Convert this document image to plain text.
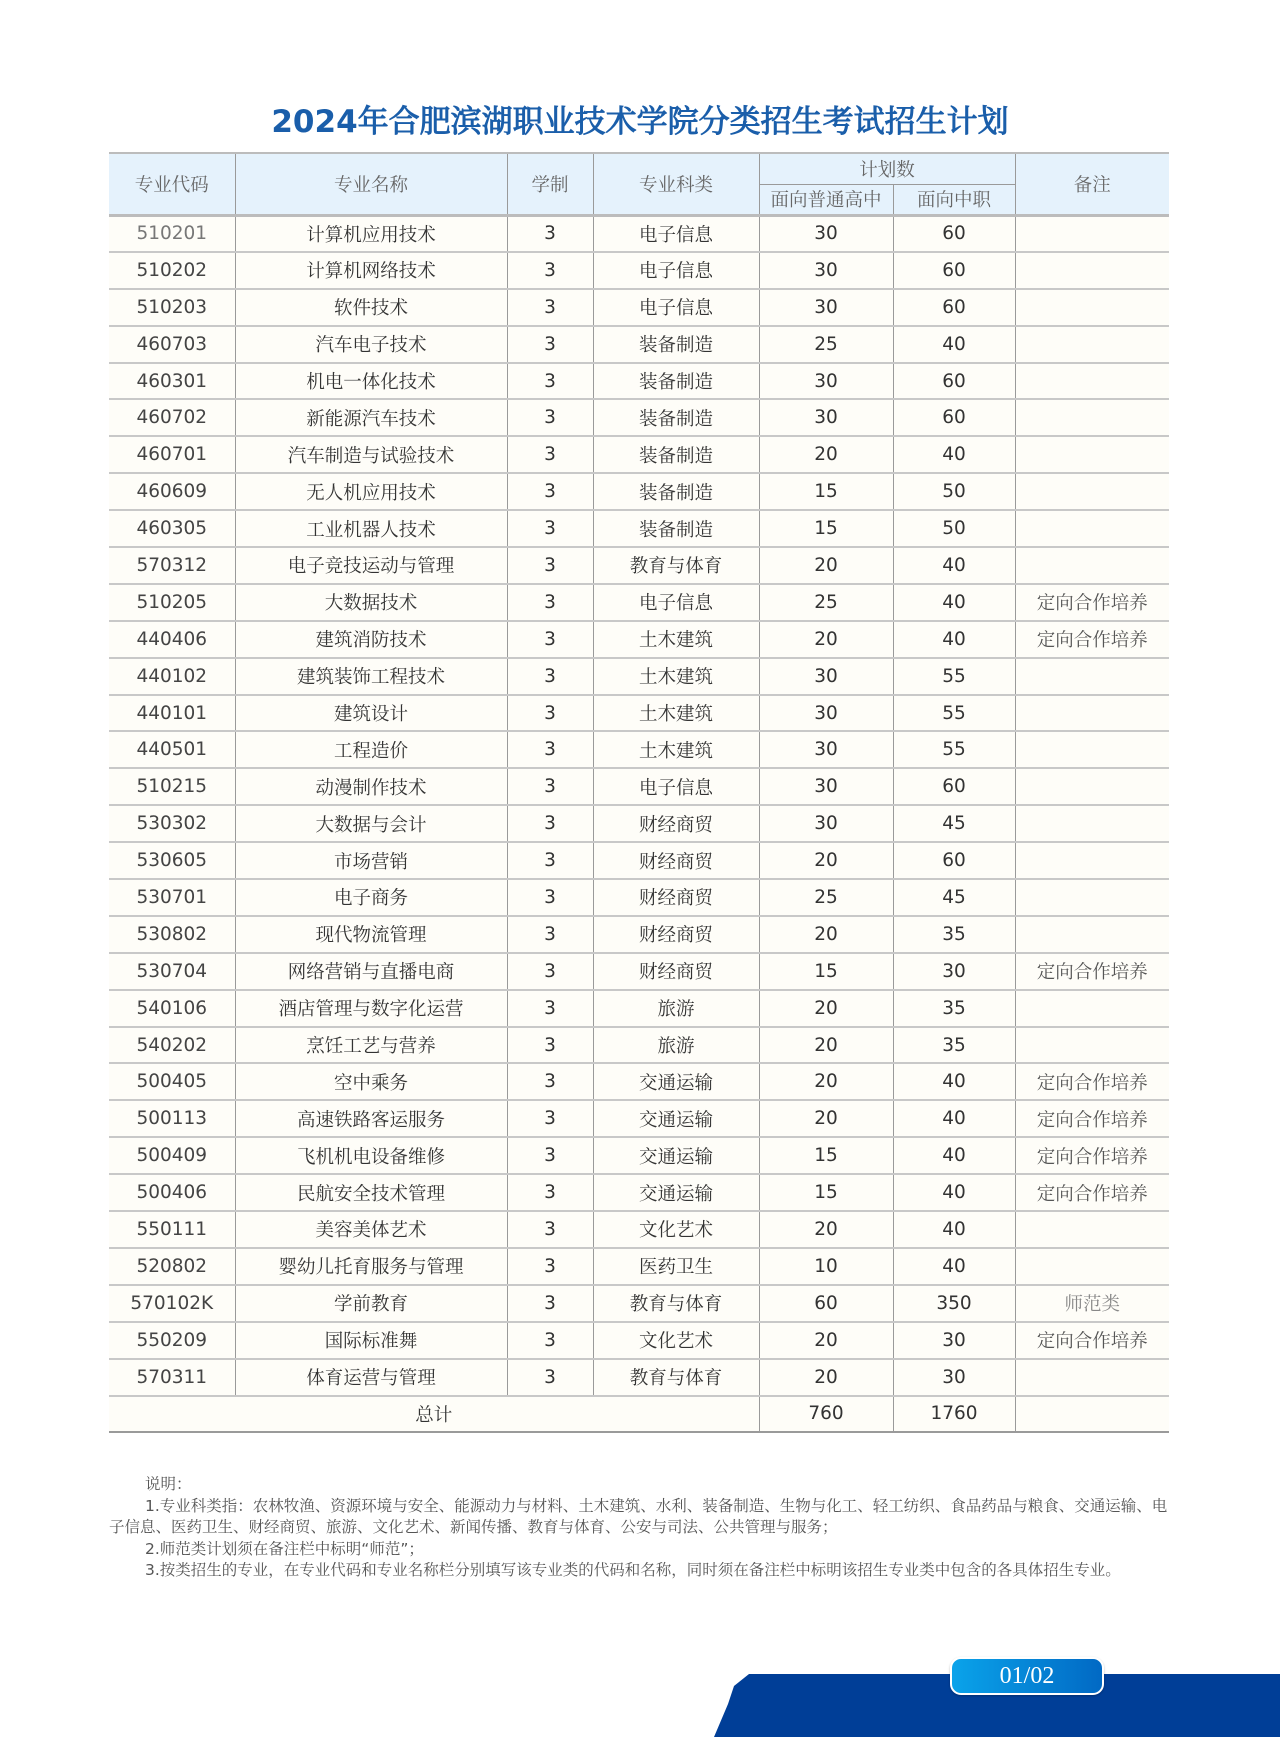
2024年合肥滨湖职业技术学院分类招生考试招生计划
专业代码	专业名称	学制	专业科类	计划数		备注
				面向普通高中	面向中职	
510201	计算机应用技术	3	电子信息	30	60	
510202	计算机网络技术	3	电子信息	30	60	
510203	软件技术	3	电子信息	30	60	
460703	汽车电子技术	3	装备制造	25	40	
460301	机电一体化技术	3	装备制造	30	60	
460702	新能源汽车技术	3	装备制造	30	60	
460701	汽车制造与试验技术	3	装备制造	20	40	
460609	无人机应用技术	3	装备制造	15	50	
460305	工业机器人技术	3	装备制造	15	50	
570312	电子竞技运动与管理	3	教育与体育	20	40	
510205	大数据技术	3	电子信息	25	40	定向合作培养
440406	建筑消防技术	3	土木建筑	20	40	定向合作培养
440102	建筑装饰工程技术	3	土木建筑	30	55	
440101	建筑设计	3	土木建筑	30	55	
440501	工程造价	3	土木建筑	30	55	
510215	动漫制作技术	3	电子信息	30	60	
530302	大数据与会计	3	财经商贸	30	45	
530605	市场营销	3	财经商贸	20	60	
530701	电子商务	3	财经商贸	25	45	
530802	现代物流管理	3	财经商贸	20	35	
530704	网络营销与直播电商	3	财经商贸	15	30	定向合作培养
540106	酒店管理与数字化运营	3	旅游	20	35	
540202	烹饪工艺与营养	3	旅游	20	35	
500405	空中乘务	3	交通运输	20	40	定向合作培养
500113	高速铁路客运服务	3	交通运输	20	40	定向合作培养
500409	飞机机电设备维修	3	交通运输	15	40	定向合作培养
500406	民航安全技术管理	3	交通运输	15	40	定向合作培养
550111	美容美体艺术	3	文化艺术	20	40	
520802	婴幼儿托育服务与管理	3	医药卫生	10	40	
570102K	学前教育	3	教育与体育	60	350	师范类
550209	国际标准舞	3	文化艺术	20	30	定向合作培养
570311	体育运营与管理	3	教育与体育	20	30	
总计				760	1760	

说明：

1.专业科类指：农林牧渔、资源环境与安全、能源动力与材料、土木建筑、水利、装备制造、生物与化工、轻工纺织、食品药品与粮食、交通运输、电子信息、医药卫生、财经商贸、旅游、文化艺术、新闻传播、教育与体育、公安与司法、公共管理与服务；

2.师范类计划须在备注栏中标明“师范”；

3.按类招生的专业，在专业代码和专业名称栏分别填写该专业类的代码和名称，同时须在备注栏中标明该招生专业类中包含的各具体招生专业。

01/02
